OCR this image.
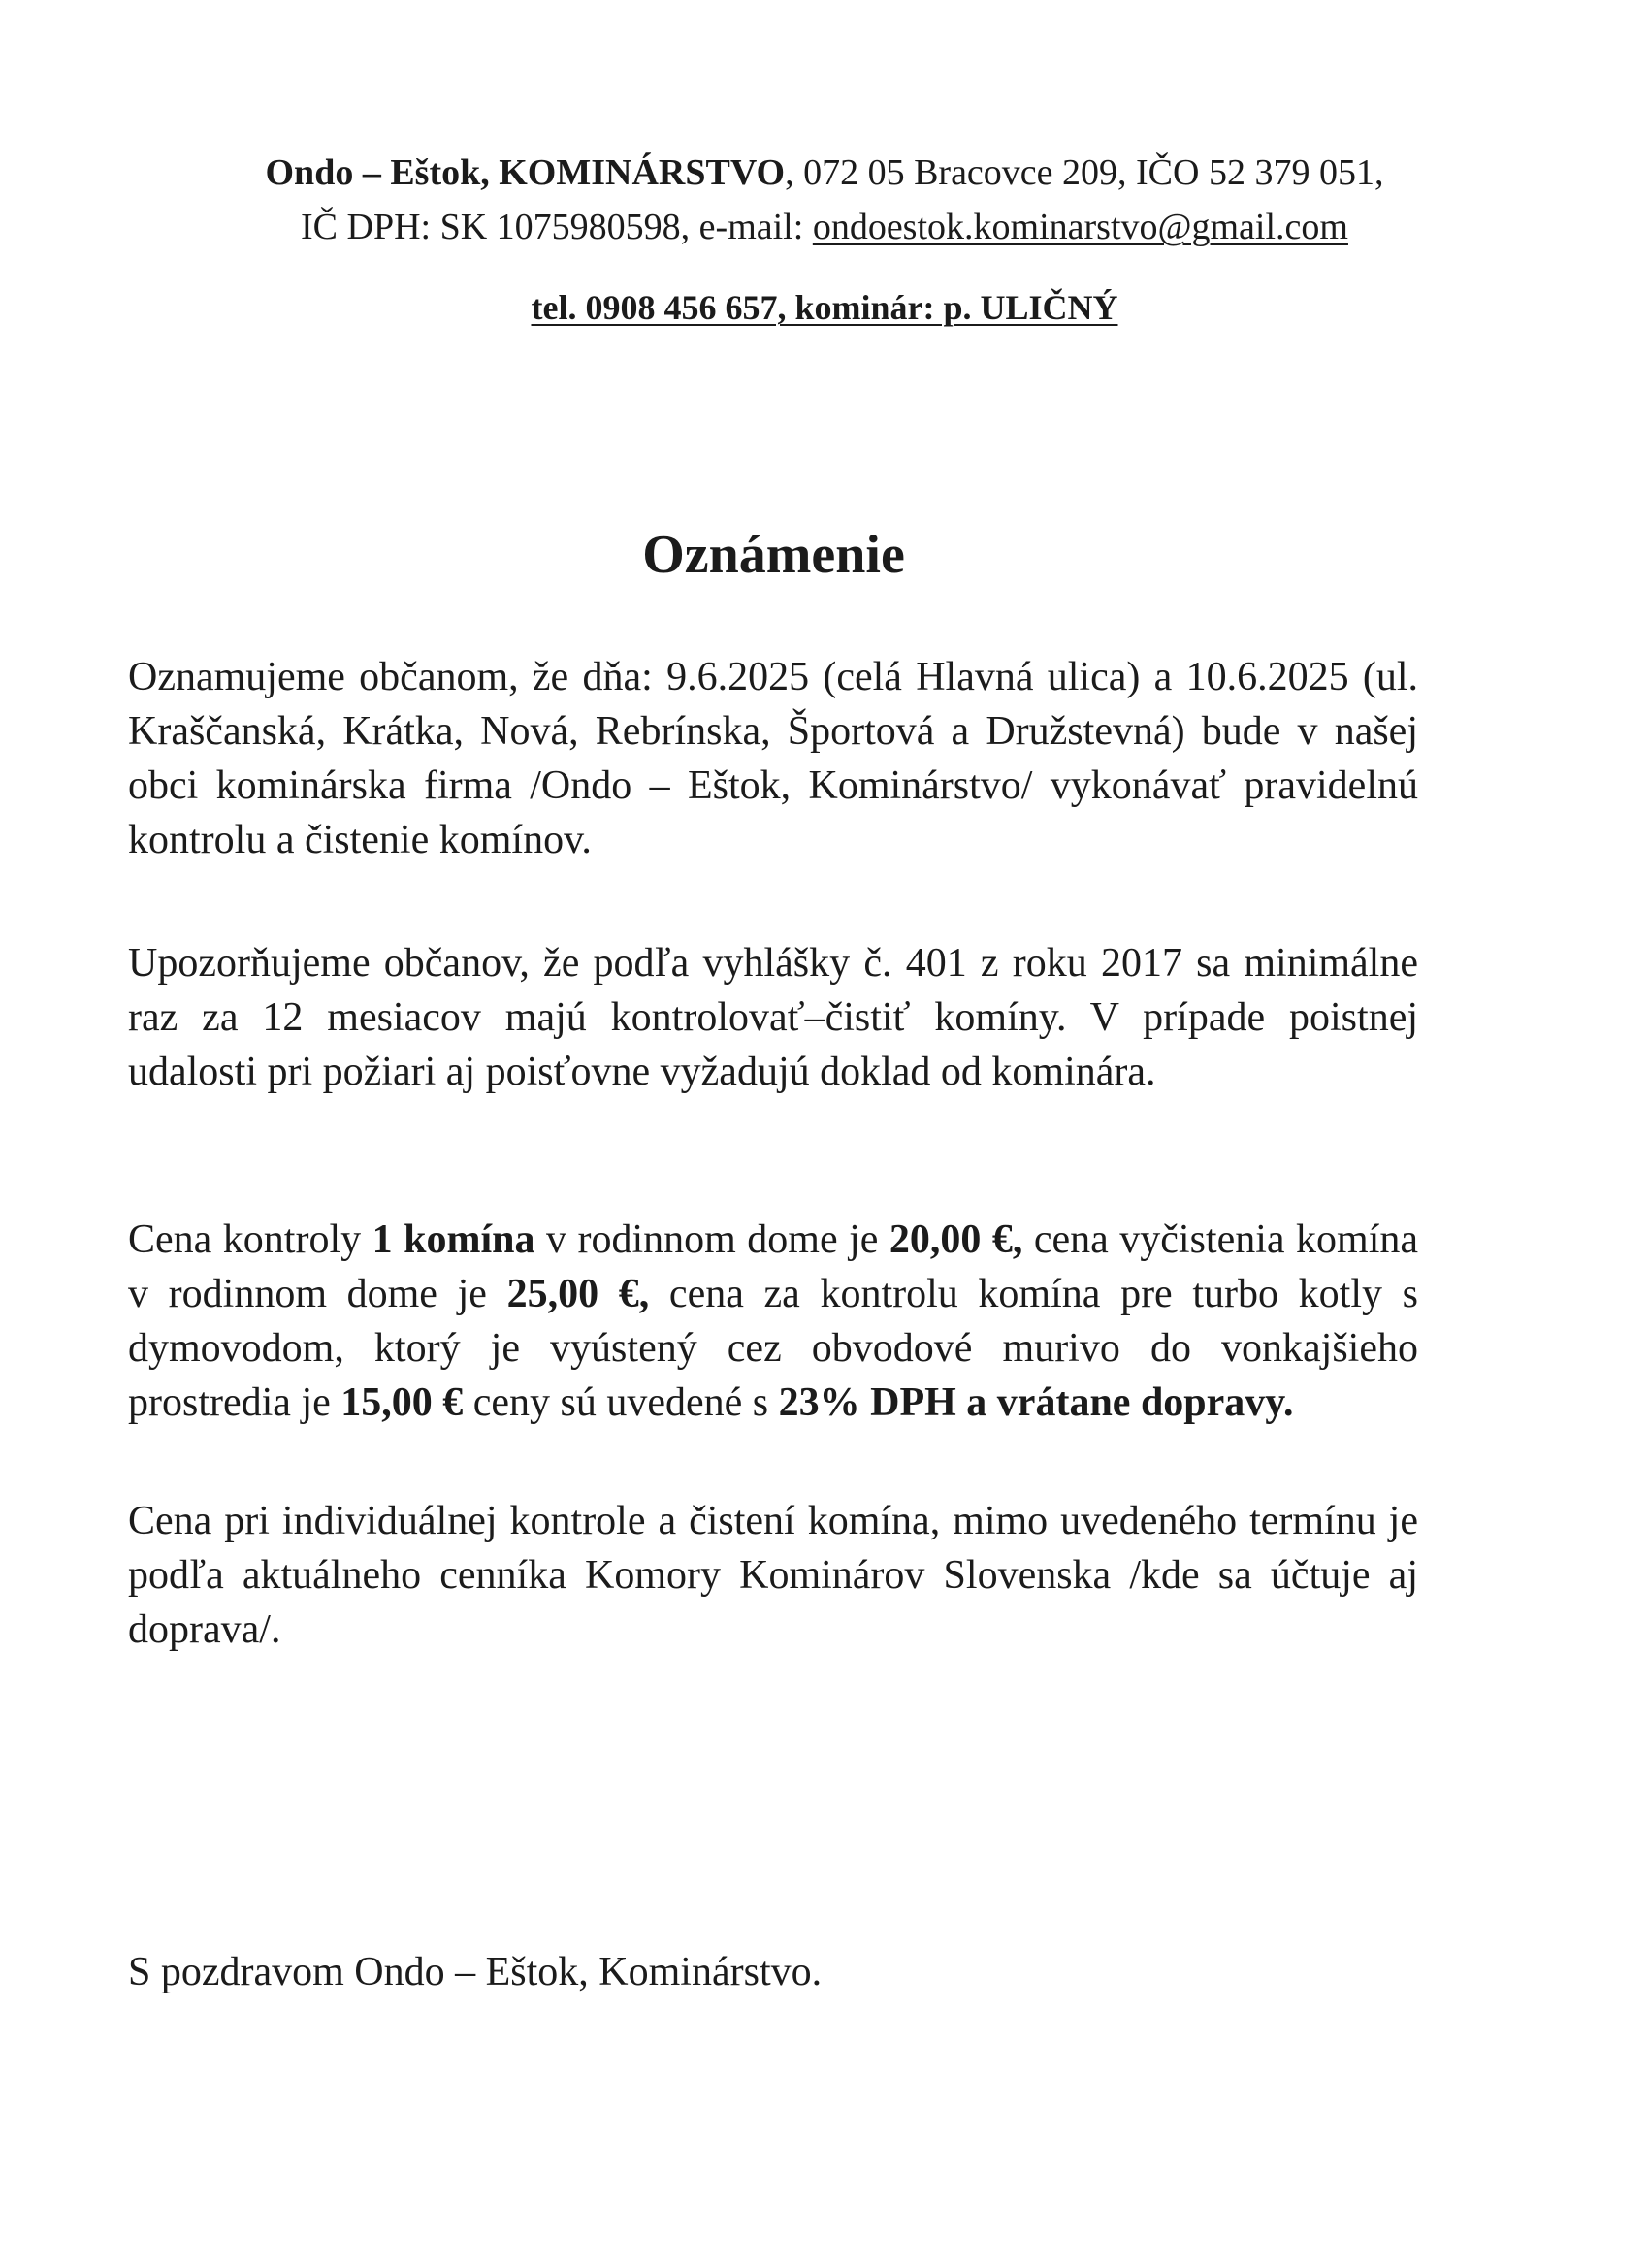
Ondo – Eštok, KOMINÁRSTVO, 072 05 Bracovce 209, IČO 52 379 051,
IČ DPH: SK 1075980598, e-mail: ondoestok.kominarstvo@gmail.com
tel. 0908 456 657, kominár: p. ULIČNÝ
Oznámenie

Oznamujeme občanom, že dňa: 9.6.2025 (celá Hlavná ulica) a 10.6.2025 (ul. Kraščanská, Krátka, Nová, Rebrínska, Športová a Družstevná) bude v našej obci kominárska firma /Ondo – Eštok, Kominárstvo/ vykonávať pravidelnú kontrolu a čistenie komínov.

Upozorňujeme občanov, že podľa vyhlášky č. 401 z roku 2017 sa minimálne raz za 12 mesiacov majú kontrolovať–čistiť komíny. V prípade poistnej udalosti pri požiari aj poisťovne vyžadujú doklad od kominára.

Cena kontroly 1 komína v rodinnom dome je 20,00 €, cena vyčistenia komína v rodinnom dome je 25,00 €, cena za kontrolu komína pre turbo kotly s dymovodom, ktorý je vyústený cez obvodové murivo do vonkajšieho prostredia je 15,00 € ceny sú uvedené s 23% DPH a vrátane dopravy.

Cena pri individuálnej kontrole a čistení komína, mimo uvedeného termínu je podľa aktuálneho cenníka Komory Kominárov Slovenska /kde sa účtuje aj doprava/.

S pozdravom Ondo – Eštok, Kominárstvo.
